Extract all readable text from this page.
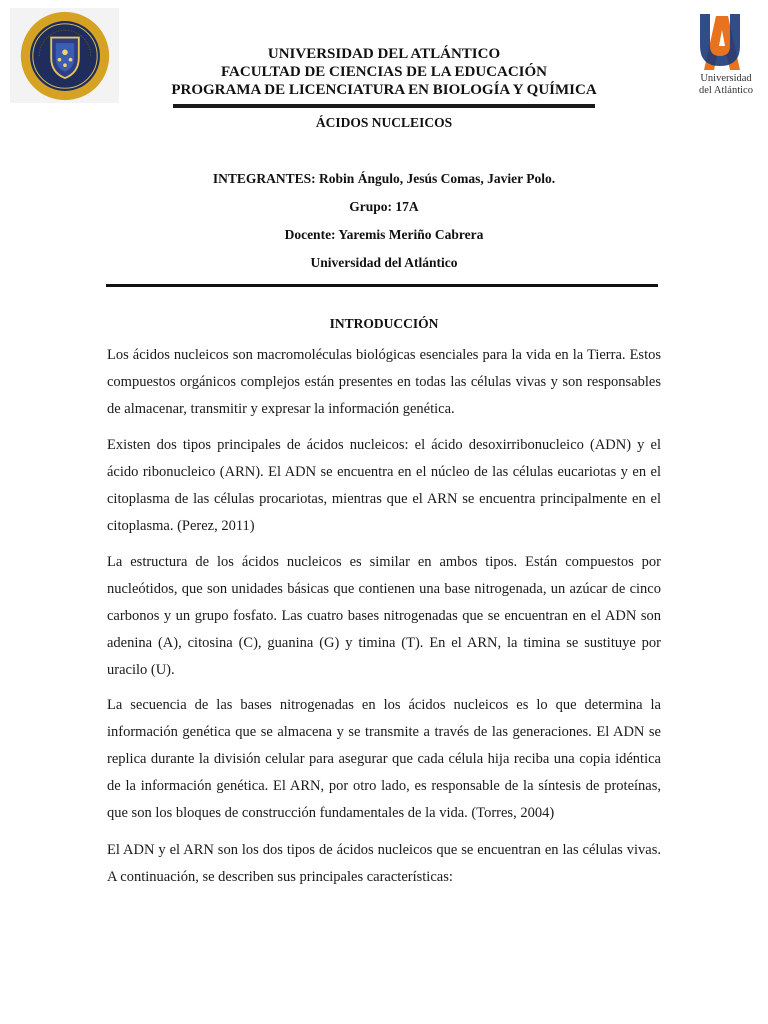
UNIVERSIDAD DEL ATLÁNTICO
FACULTAD DE CIENCIAS DE LA EDUCACIÓN
PROGRAMA DE LICENCIATURA EN BIOLOGÍA Y QUÍMICA
Universidad
del Atlántico
ÁCIDOS NUCLEICOS
INTEGRANTES: Robin Ángulo, Jesús Comas, Javier Polo.
Grupo: 17A
Docente: Yaremis Meriño Cabrera
Universidad del Atlántico
INTRODUCCIÓN

Los ácidos nucleicos son macromoléculas biológicas esenciales para la vida en la Tierra. Estos compuestos orgánicos complejos están presentes en todas las células vivas y son responsables de almacenar, transmitir y expresar la información genética.

Existen dos tipos principales de ácidos nucleicos: el ácido desoxirribonucleico (ADN) y el ácido ribonucleico (ARN). El ADN se encuentra en el núcleo de las células eucariotas y en el citoplasma de las células procariotas, mientras que el ARN se encuentra principalmente en el citoplasma. (Perez, 2011)

La estructura de los ácidos nucleicos es similar en ambos tipos. Están compuestos por nucleótidos, que son unidades básicas que contienen una base nitrogenada, un azúcar de cinco carbonos y un grupo fosfato. Las cuatro bases nitrogenadas que se encuentran en el ADN son adenina (A), citosina (C), guanina (G) y timina (T). En el ARN, la timina se sustituye por uracilo (U).

La secuencia de las bases nitrogenadas en los ácidos nucleicos es lo que determina la información genética que se almacena y se transmite a través de las generaciones. El ADN se replica durante la división celular para asegurar que cada célula hija reciba una copia idéntica de la información genética. El ARN, por otro lado, es responsable de la síntesis de proteínas, que son los bloques de construcción fundamentales de la vida. (Torres, 2004)

El ADN y el ARN son los dos tipos de ácidos nucleicos que se encuentran en las células vivas. A continuación, se describen sus principales características:
